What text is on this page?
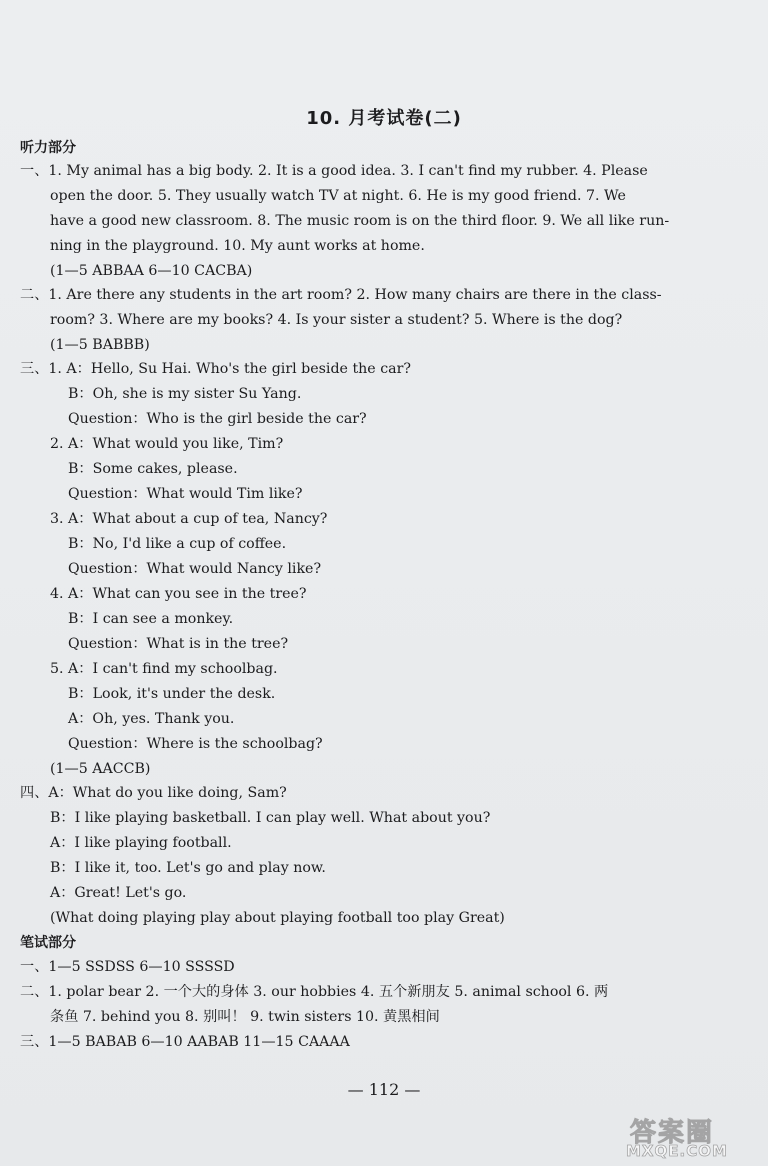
10. 月考试卷(二)
听力部分
一、1. My animal has a big body. 2. It is a good idea. 3. I can't find my rubber. 4. Please
open the door. 5. They usually watch TV at night. 6. He is my good friend. 7. We
have a good new classroom. 8. The music room is on the third floor. 9. We all like run-
ning in the playground. 10. My aunt works at home.
(1—5 ABBAA 6—10 CACBA)
二、1. Are there any students in the art room? 2. How many chairs are there in the class-
room? 3. Where are my books? 4. Is your sister a student? 5. Where is the dog?
(1—5 BABBB)
三、1. A：Hello, Su Hai. Who's the girl beside the car?
B：Oh, she is my sister Su Yang.
Question：Who is the girl beside the car?
2. A：What would you like, Tim?
B：Some cakes, please.
Question：What would Tim like?
3. A：What about a cup of tea, Nancy?
B：No, I'd like a cup of coffee.
Question：What would Nancy like?
4. A：What can you see in the tree?
B：I can see a monkey.
Question：What is in the tree?
5. A：I can't find my schoolbag.
B：Look, it's under the desk.
A：Oh, yes. Thank you.
Question：Where is the schoolbag?
(1—5 AACCB)
四、A：What do you like doing, Sam?
B：I like playing basketball. I can play well. What about you?
A：I like playing football.
B：I like it, too. Let's go and play now.
A：Great! Let's go.
(What doing playing play about playing football too play Great)
笔试部分
一、1—5 SSDSS 6—10 SSSSD
二、1. polar bear 2. 一个大的身体 3. our hobbies 4. 五个新朋友 5. animal school 6. 两
条鱼 7. behind you 8. 别叫！ 9. twin sisters 10. 黄黑相间
三、1—5 BABAB 6—10 AABAB 11—15 CAAAA
— 112 —
答案圈
MXQE.COM
